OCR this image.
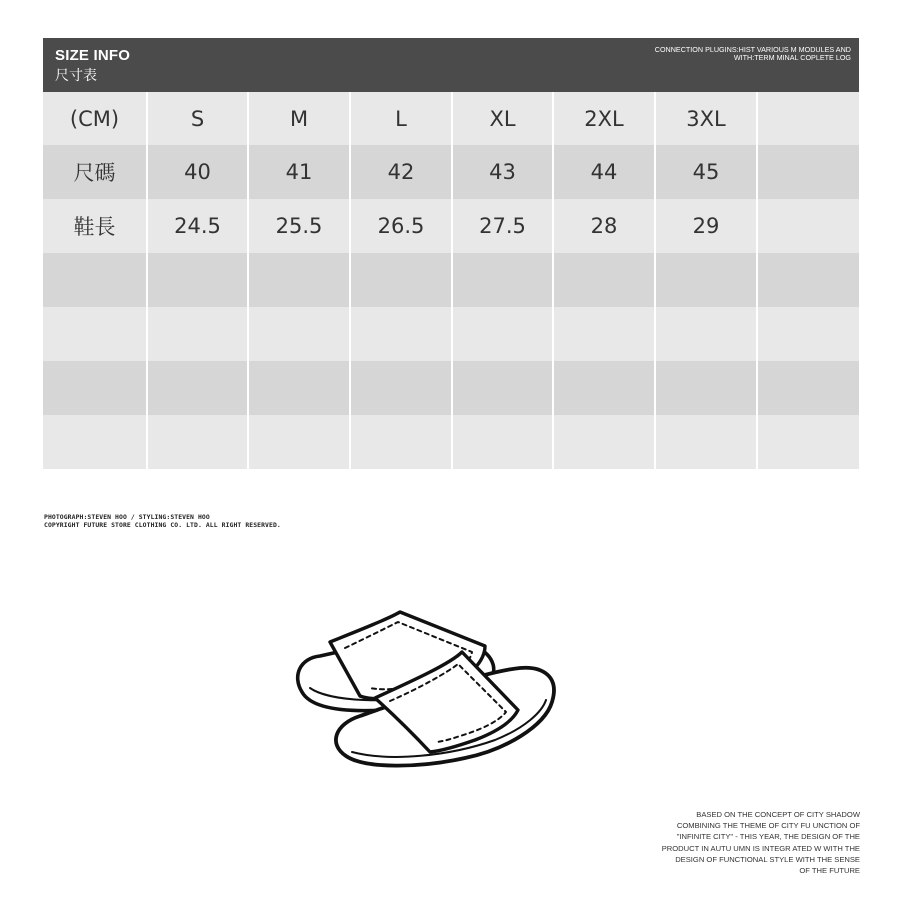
SIZE INFO
尺寸表
CONNECTION PLUGINS:HIST VARIOUS M MODULES AND
WITH:TERM MINAL COPLETE LOG
(CM)	S	M	L	XL	2XL	3XL	
尺碼	40	41	42	43	44	45	
鞋長	24.5	25.5	26.5	27.5	28	29	

PHOTOGRAPH:STEVEN HOO / STYLING:STEVEN HOO
COPYRIGHT FUTURE STORE CLOTHING CO. LTD. ALL RIGHT RESERVED.
BASED ON THE CONCEPT OF CITY SHADOW
COMBINING THE THEME OF CITY FU UNCTION OF
"INFINITE CITY" - THIS YEAR, THE DESIGN OF THE
PRODUCT IN AUTU UMN IS INTEGR ATED W WITH THE
DESIGN OF FUNCTIONAL STYLE WITH THE SENSE
OF THE FUTURE
